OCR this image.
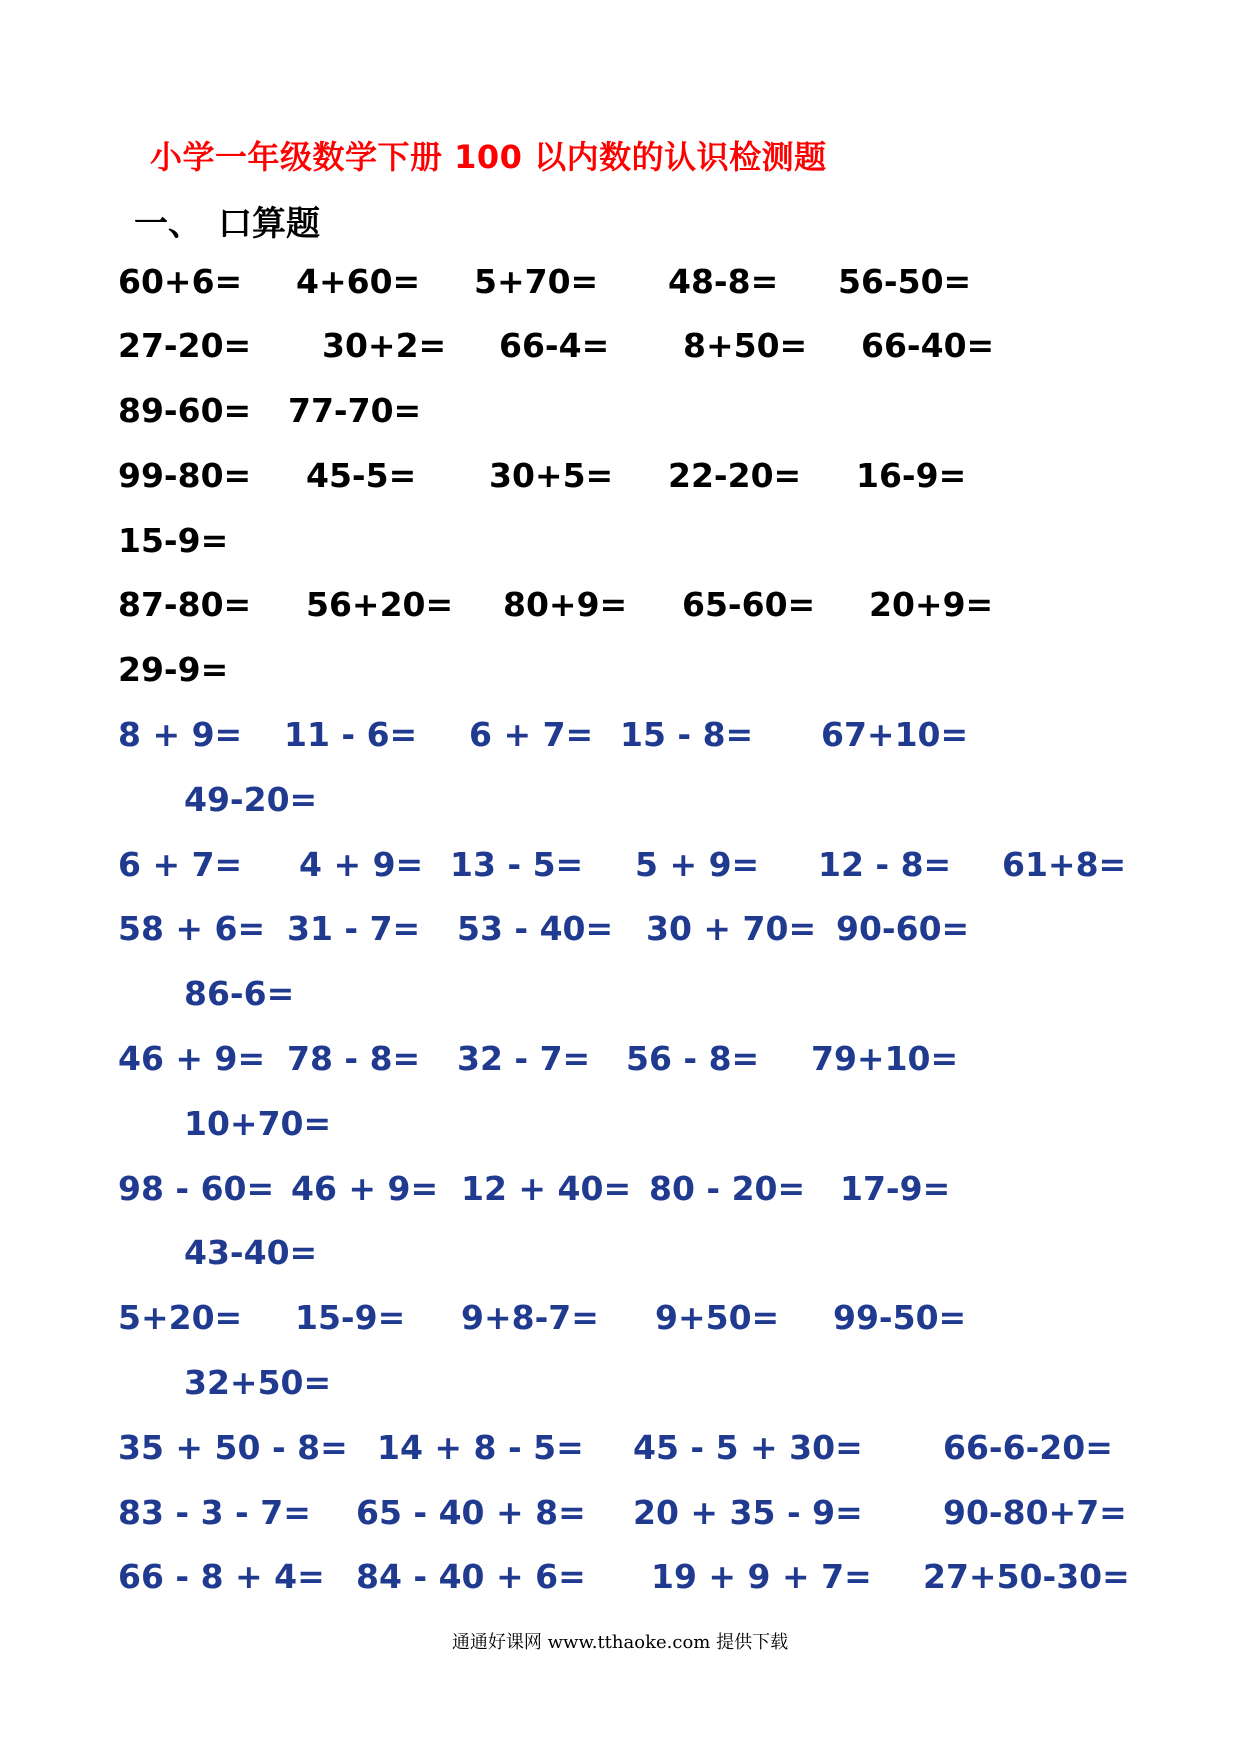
小学一年级数学下册 100 以内数的认识检测题
一、 口算题
60+6= 4+60= 5+70= 48-8= 56-50=
27-20= 30+2= 66-4= 8+50= 66-40=
89-60= 77-70=
99-80= 45-5= 30+5= 22-20= 16-9=
15-9=
87-80= 56+20= 80+9= 65-60= 20+9=
29-9=
8 + 9= 11 - 6= 6 + 7= 15 - 8= 67+10=
49-20=
6 + 7= 4 + 9= 13 - 5= 5 + 9= 12 - 8= 61+8=
58 + 6= 31 - 7= 53 - 40= 30 + 70= 90-60=
86-6=
46 + 9= 78 - 8= 32 - 7= 56 - 8= 79+10=
10+70=
98 - 60= 46 + 9= 12 + 40= 80 - 20= 17-9=
43-40=
5+20= 15-9= 9+8-7= 9+50= 99-50=
32+50=
35 + 50 - 8= 14 + 8 - 5= 45 - 5 + 30= 66-6-20=
83 - 3 - 7= 65 - 40 + 8= 20 + 35 - 9= 90-80+7=
66 - 8 + 4= 84 - 40 + 6= 19 + 9 + 7= 27+50-30=
通通好课网 www.tthaoke.com 提供下载
